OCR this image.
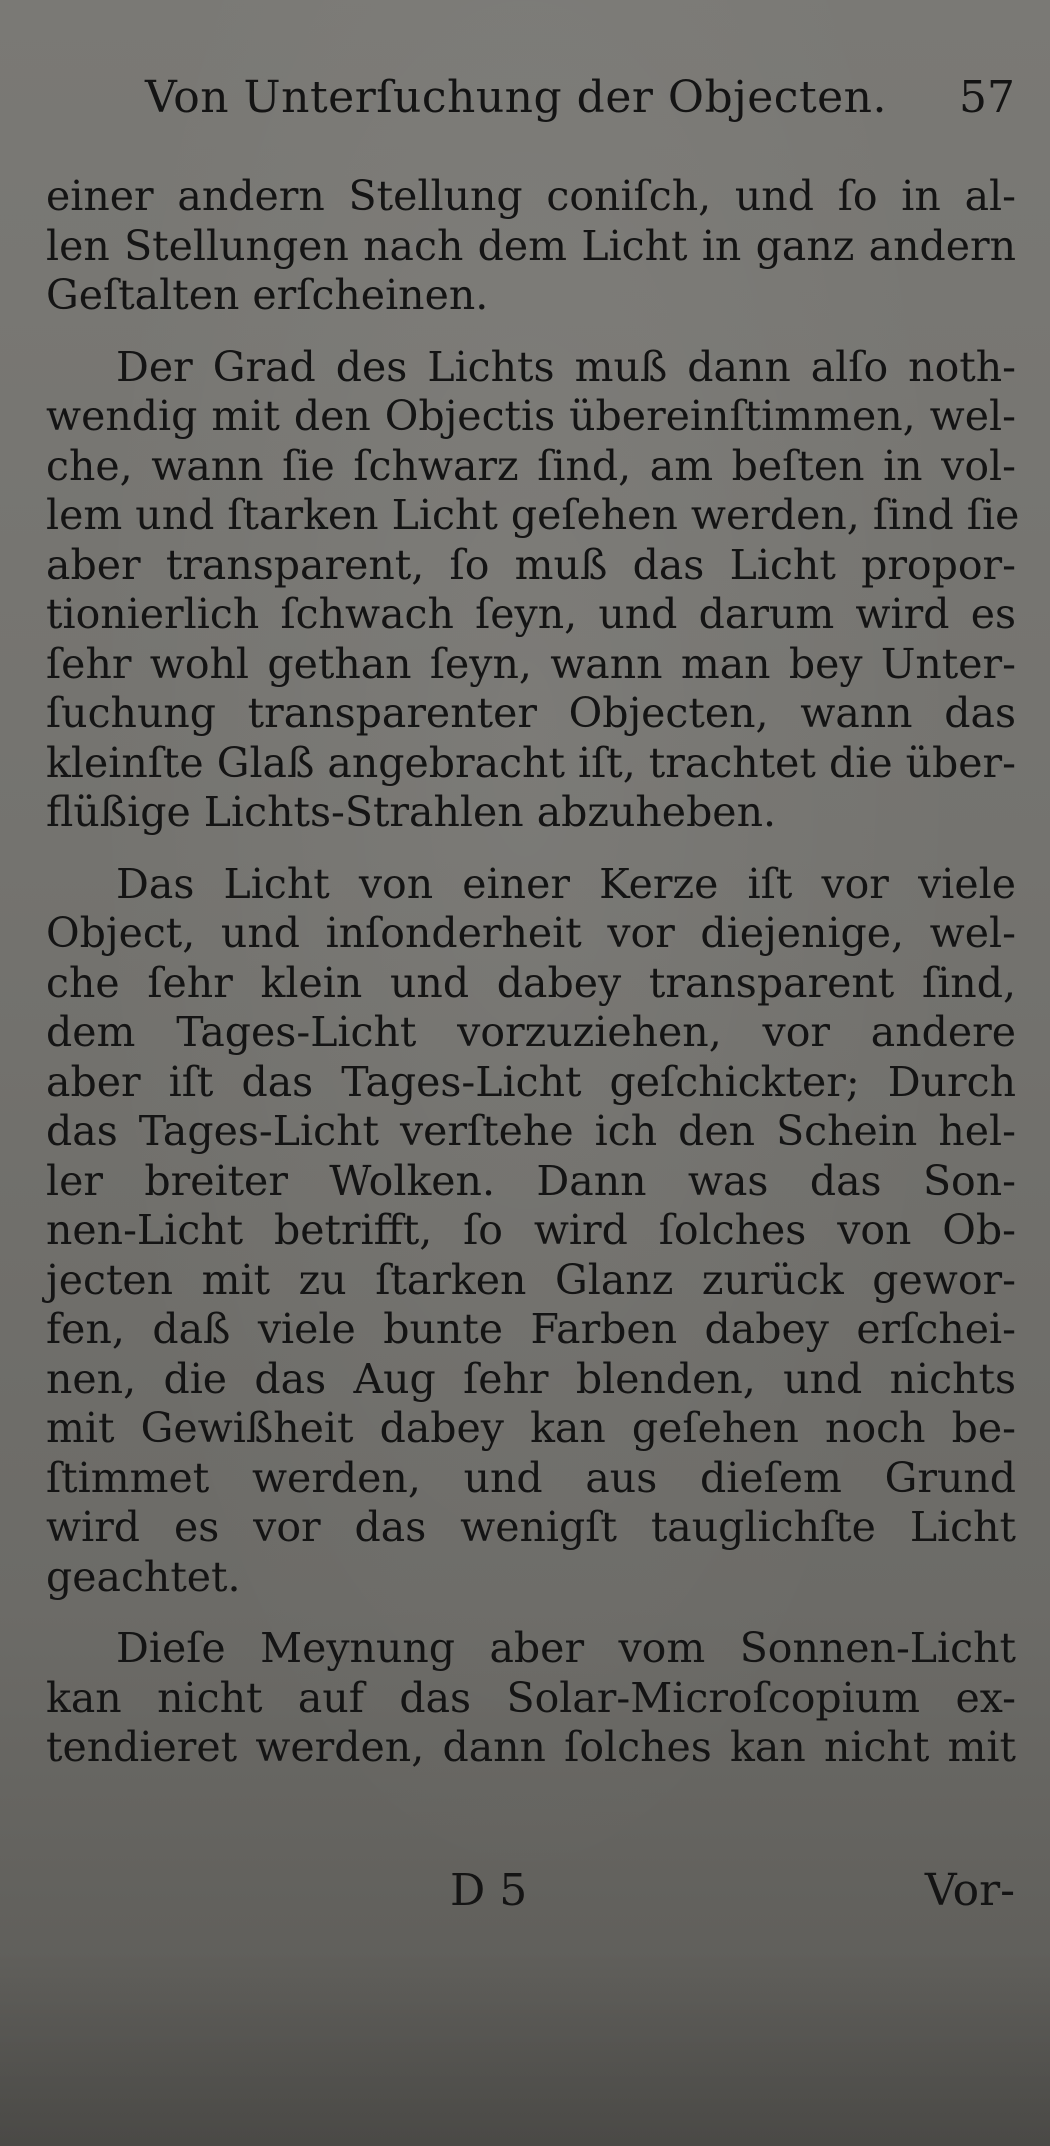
Von Unterſuchung der Objecten. 57
einer andern Stellung coniſch, und ſo in al-
len Stellungen nach dem Licht in ganz andern
Geſtalten erſcheinen.
Der Grad des Lichts muß dann alſo noth-
wendig mit den Objectis übereinſtimmen, wel-
che, wann ſie ſchwarz ſind, am beſten in vol-
lem und ſtarken Licht geſehen werden, ſind ſie
aber transparent, ſo muß das Licht propor-
tionierlich ſchwach ſeyn, und darum wird es
ſehr wohl gethan ſeyn, wann man bey Unter-
ſuchung transparenter Objecten, wann das
kleinſte Glaß angebracht iſt, trachtet die über-
flüßige Lichts-Strahlen abzuheben.
Das Licht von einer Kerze iſt vor viele
Object, und inſonderheit vor diejenige, wel-
che ſehr klein und dabey transparent ſind,
dem Tages-Licht vorzuziehen, vor andere
aber iſt das Tages-Licht geſchickter; Durch
das Tages-Licht verſtehe ich den Schein hel-
ler breiter Wolken. Dann was das Son-
nen-Licht betrifft, ſo wird ſolches von Ob-
jecten mit zu ſtarken Glanz zurück gewor-
fen, daß viele bunte Farben dabey erſchei-
nen, die das Aug ſehr blenden, und nichts
mit Gewißheit dabey kan geſehen noch be-
ſtimmet werden, und aus dieſem Grund
wird es vor das wenigſt tauglichſte Licht
geachtet.
Dieſe Meynung aber vom Sonnen-Licht
kan nicht auf das Solar-Microſcopium ex-
tendieret werden, dann ſolches kan nicht mit
D 5	Vor-
